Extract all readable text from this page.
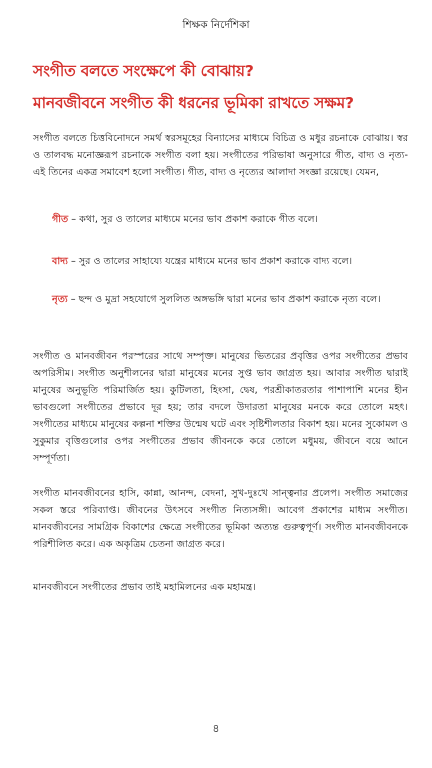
শিক্ষক নির্দেশিকা
সংগীত বলতে সংক্ষেপে কী বোঝায়?
মানবজীবনে সংগীত কী ধরনের ভূমিকা রাখতে সক্ষম?
সংগীত বলতে চিত্তবিনোদনে সমর্থ স্বরসমূহের বিন্যাসের মাধ্যমে বিচিত্র ও মধুর রচনাকে বোঝায়। স্বর ও তালবদ্ধ মনোজ্ঞরূপ রচনাকে সংগীত বলা হয়। সংগীতের পরিভাষা অনুসারে গীত, বাদ্য ও নৃত্য-এই তিনের একত্র সমাবেশ হলো সংগীত। গীত, বাদ্য ও নৃত্যের আলাদা সংজ্ঞা রয়েছে। যেমন,
গীত – কথা, সুর ও তালের মাধ্যমে মনের ভাব প্রকাশ করাকে গীত বলে।
বাদ্য – সুর ও তালের সাহায্যে যন্ত্রের মাধ্যমে মনের ভাব প্রকাশ করাকে বাদ্য বলে।
নৃত্য – ছন্দ ও মুদ্রা সহযোগে সুললিত অঙ্গভঙ্গি দ্বারা মনের ভাব প্রকাশ করাকে নৃত্য বলে।
সংগীত ও মানবজীবন পরস্পরের সাথে সম্পৃক্ত। মানুষের ভিতরের প্রবৃত্তির ওপর সংগীতের প্রভাব অপরিসীম। সংগীত অনুশীলনের দ্বারা মানুষের মনের সুপ্ত ভাব জাগ্রত হয়। আবার সংগীত দ্বারাই মানুষের অনুভূতি পরিমার্জিত হয়। কুটিলতা, হিংসা, দ্বেষ, পরশ্রীকাতরতার পাশাপাশি মনের হীন ভাবগুলো সংগীতের প্রভাবে দূর হয়; তার বদলে উদারতা মানুষের মনকে করে তোলে মহৎ। সংগীতের মাধ্যমে মানুষের কল্পনা শক্তির উন্মেষ ঘটে এবং সৃষ্টিশীলতার বিকাশ হয়। মনের সুকোমল ও সুকুমার বৃত্তিগুলোর ওপর সংগীতের প্রভাব জীবনকে করে তোলে মধুময়, জীবনে বয়ে আনে সম্পূর্ণতা।
সংগীত মানবজীবনের হাসি, কান্না, আনন্দ, বেদনা, সুখ-দুঃখে সান্ত্বনার প্রলেপ। সংগীত সমাজের সকল স্তরে পরিব্যাপ্ত। জীবনের উৎসবে সংগীত নিত্যসঙ্গী। আবেগ প্রকাশের মাধ্যম সংগীত। মানবজীবনের সামগ্রিক বিকাশের ক্ষেত্রে সংগীতের ভূমিকা অত্যন্ত গুরুত্বপূর্ণ। সংগীত মানবজীবনকে পরিশীলিত করে। এক অকৃত্রিম চেতনা জাগ্রত করে।
মানবজীবনে সংগীতের প্রভাব তাই মহামিলনের এক মহামন্ত্র।
৪
